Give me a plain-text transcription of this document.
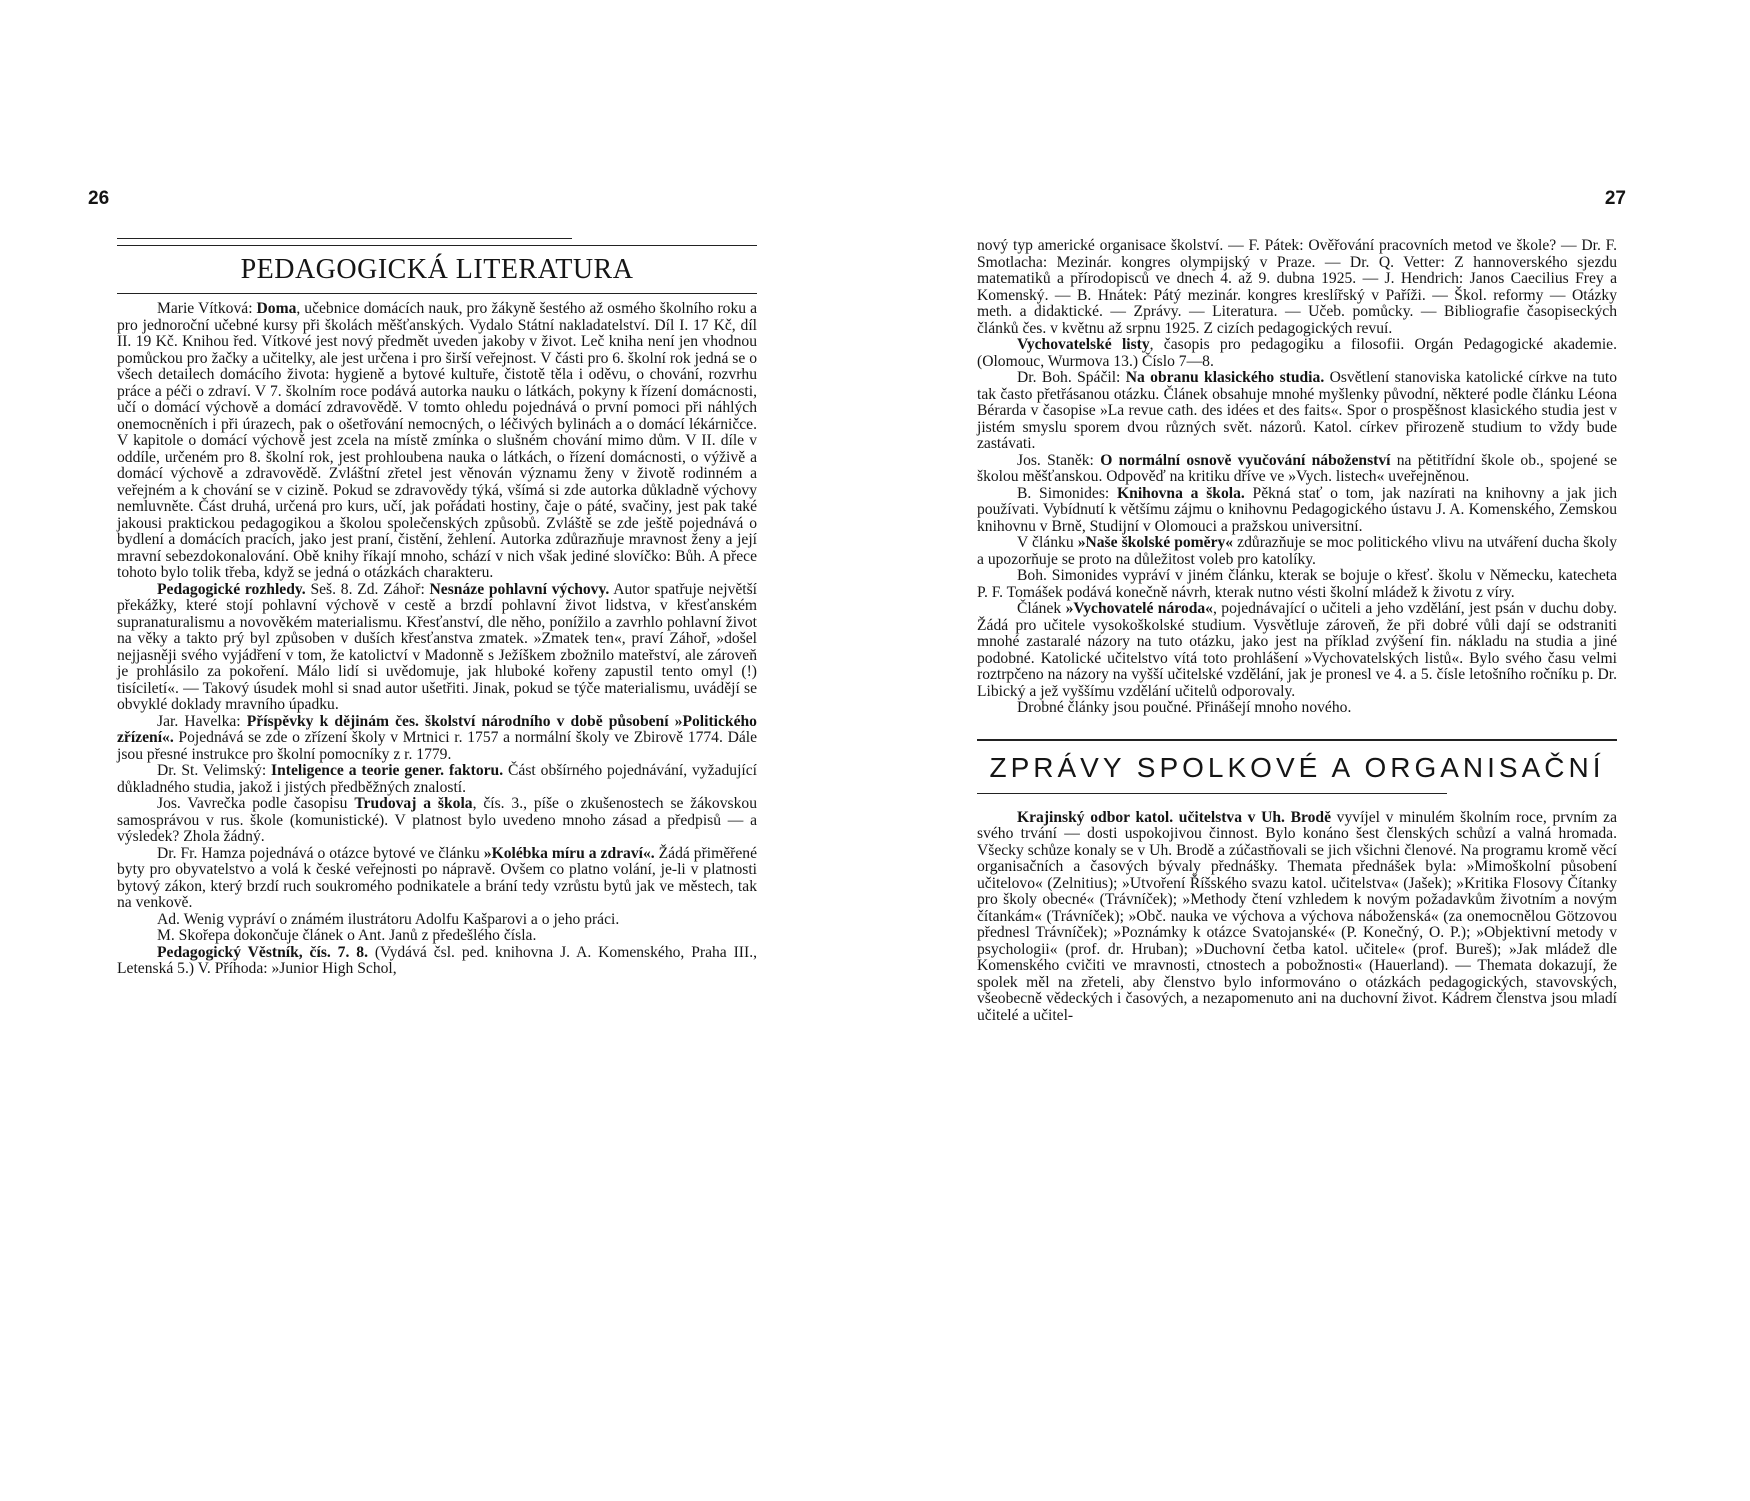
26
PEDAGOGICKÁ LITERATURA

Marie Vítková: Doma, učebnice domácích nauk, pro žákyně šestého až osmého školního roku a pro jednoroční učebné kursy při školách měšťanských. Vydalo Státní nakladatelství. Díl I. 17 Kč, díl II. 19 Kč. Knihou řed. Vítkové jest nový předmět uveden jakoby v život. Leč kniha není jen vhodnou pomůckou pro žačky a učitelky, ale jest určena i pro širší veřejnost. V části pro 6. školní rok jedná se o všech detailech domácího života: hygieně a bytové kultuře, čistotě těla i oděvu, o chování, rozvrhu práce a péči o zdraví. V 7. školním roce podává autorka nauku o látkách, pokyny k řízení domácnosti, učí o domácí výchově a domácí zdravovědě. V tomto ohledu pojednává o první pomoci při náhlých onemocněních i při úrazech, pak o ošetřování nemocných, o léčivých bylinách a o domácí lékárničce. V kapitole o domácí výchově jest zcela na místě zmínka o slušném chování mimo dům. V II. díle v oddíle, určeném pro 8. školní rok, jest prohloubena nauka o látkách, o řízení domácnosti, o výživě a domácí výchově a zdravovědě. Zvláštní zřetel jest věnován významu ženy v životě rodinném a veřejném a k chování se v cizině. Pokud se zdravovědy týká, všímá si zde autorka důkladně výchovy nemluvněte. Část druhá, určená pro kurs, učí, jak pořádati hostiny, čaje o páté, svačiny, jest pak také jakousi praktickou pedagogikou a školou společenských způsobů. Zvláště se zde ještě pojednává o bydlení a domácích pracích, jako jest praní, čistění, žehlení. Autorka zdůrazňuje mravnost ženy a její mravní sebezdokonalování. Obě knihy říkají mnoho, schází v nich však jediné slovíčko: Bůh. A přece tohoto bylo tolik třeba, když se jedná o otázkách charakteru.

Pedagogické rozhledy. Seš. 8. Zd. Záhoř: Nesnáze pohlavní výchovy. Autor spatřuje největší překážky, které stojí pohlavní výchově v cestě a brzdí pohlavní život lidstva, v křesťanském supranaturalismu a novověkém materialismu. Křesťanství, dle něho, ponížilo a zavrhlo pohlavní život na věky a takto prý byl způsoben v duších křesťanstva zmatek. »Zmatek ten«, praví Záhoř, »došel nejjasněji svého vyjádření v tom, že katolictví v Madonně s Ježíškem zbožnilo mateřství, ale zároveň je prohlásilo za pokoření. Málo lidí si uvědomuje, jak hluboké kořeny zapustil tento omyl (!) tisíciletí«. — Takový úsudek mohl si snad autor ušetřiti. Jinak, pokud se týče materialismu, uvádějí se obvyklé doklady mravního úpadku.

Jar. Havelka: Příspěvky k dějinám čes. školství národního v době působení »Politického zřízení«. Pojednává se zde o zřízení školy v Mrtnici r. 1757 a normální školy ve Zbirově 1774. Dále jsou přesné instrukce pro školní pomocníky z r. 1779.

Dr. St. Velimský: Inteligence a teorie gener. faktoru. Část obšírného pojednávání, vyžadující důkladného studia, jakož i jistých předběžných znalostí.

Jos. Vavrečka podle časopisu Trudovaj a škola, čís. 3., píše o zkušenostech se žákovskou samosprávou v rus. škole (komunistické). V platnost bylo uvedeno mnoho zásad a předpisů — a výsledek? Zhola žádný.

Dr. Fr. Hamza pojednává o otázce bytové ve článku »Kolébka míru a zdraví«. Žádá přiměřené byty pro obyvatelstvo a volá k české veřejnosti po nápravě. Ovšem co platno volání, je-li v platnosti bytový zákon, který brzdí ruch soukromého podnikatele a brání tedy vzrůstu bytů jak ve městech, tak na venkově.

Ad. Wenig vypráví o známém ilustrátoru Adolfu Kašparovi a o jeho práci.

M. Skořepa dokončuje článek o Ant. Janů z předešlého čísla.

Pedagogický Věstník, čís. 7. 8. (Vydává čsl. ped. knihovna J. A. Komenského, Praha III., Letenská 5.) V. Příhoda: »Junior High Schol,

27

nový typ americké organisace školství. — F. Pátek: Ověřování pracovních metod ve škole? — Dr. F. Smotlacha: Mezinár. kongres olympijský v Praze. — Dr. Q. Vetter: Z hannoverského sjezdu matematiků a přírodopisců ve dnech 4. až 9. dubna 1925. — J. Hendrich: Janos Caecilius Frey a Komenský. — B. Hnátek: Pátý mezinár. kongres kreslířský v Paříži. — Škol. reformy — Otázky meth. a didaktické. — Zprávy. — Literatura. — Učeb. pomůcky. — Bibliografie časopiseckých článků čes. v květnu až srpnu 1925. Z cizích pedagogických revuí.

Vychovatelské listy, časopis pro pedagogiku a filosofii. Orgán Pedagogické akademie. (Olomouc, Wurmova 13.) Číslo 7—8.

Dr. Boh. Spáčil: Na obranu klasického studia. Osvětlení stanoviska katolické církve na tuto tak často přetřásanou otázku. Článek obsahuje mnohé myšlenky původní, některé podle článku Léona Bérarda v časopise »La revue cath. des idées et des faits«. Spor o prospěšnost klasického studia jest v jistém smyslu sporem dvou různých svět. názorů. Katol. církev přirozeně studium to vždy bude zastávati.

Jos. Staněk: O normální osnově vyučování náboženství na pětitřídní škole ob., spojené se školou měšťanskou. Odpověď na kritiku dříve ve »Vych. listech« uveřejněnou.

B. Simonides: Knihovna a škola. Pěkná stať o tom, jak nazírati na knihovny a jak jich používati. Vybídnutí k většímu zájmu o knihovnu Pedagogického ústavu J. A. Komenského, Zemskou knihovnu v Brně, Studijní v Olomouci a pražskou universitní.

V článku »Naše školské poměry« zdůrazňuje se moc politického vlivu na utváření ducha školy a upozorňuje se proto na důležitost voleb pro katolíky.

Boh. Simonides vypráví v jiném článku, kterak se bojuje o křesť. školu v Německu, katecheta P. F. Tomášek podává konečně návrh, kterak nutno vésti školní mládež k životu z víry.

Článek »Vychovatelé národa«, pojednávající o učiteli a jeho vzdělání, jest psán v duchu doby. Žádá pro učitele vysokoškolské studium. Vysvětluje zároveň, že při dobré vůli dají se odstraniti mnohé zastaralé názory na tuto otázku, jako jest na příklad zvýšení fin. nákladu na studia a jiné podobné. Katolické učitelstvo vítá toto prohlášení »Vychovatelských listů«. Bylo svého času velmi roztrpčeno na názory na vyšší učitelské vzdělání, jak je pronesl ve 4. a 5. čísle letošního ročníku p. Dr. Libický a jež vyššímu vzdělání učitelů odporovaly.

Drobné články jsou poučné. Přinášejí mnoho nového.

ZPRÁVY SPOLKOVÉ A ORGANISAČNÍ

Krajinský odbor katol. učitelstva v Uh. Brodě vyvíjel v minulém školním roce, prvním za svého trvání — dosti uspokojivou činnost. Bylo konáno šest členských schůzí a valná hromada. Všecky schůze konaly se v Uh. Brodě a zúčastňovali se jich všichni členové. Na programu kromě věcí organisačních a časových bývaly přednášky. Themata přednášek byla: »Mimoškolní působení učitelovo« (Zelnitius); »Utvoření Říšského svazu katol. učitelstva« (Jašek); »Kritika Flosovy Čítanky pro školy obecné« (Trávníček); »Methody čtení vzhledem k novým požadavkům životním a novým čítankám« (Trávníček); »Obč. nauka ve výchova a výchova náboženská« (za onemocnělou Götzovou přednesl Trávníček); »Poznámky k otázce Svatojanské« (P. Konečný, O. P.); »Objektivní metody v psychologii« (prof. dr. Hruban); »Duchovní četba katol. učitele« (prof. Bureš); »Jak mládež dle Komenského cvičiti ve mravnosti, ctnostech a pobožnosti« (Hauerland). — Themata dokazují, že spolek měl na zřeteli, aby členstvo bylo informováno o otázkách pedagogických, stavovských, všeobecně vědeckých i časových, a nezapomenuto ani na duchovní život. Kádrem členstva jsou mladí učitelé a učitel-
